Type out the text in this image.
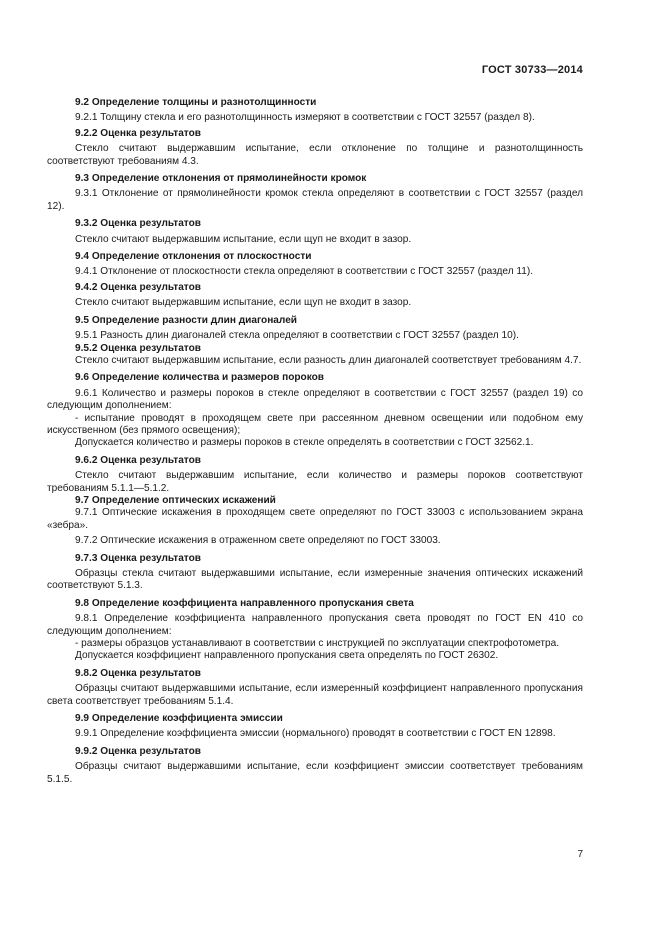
ГОСТ 30733—2014
9.2 Определение толщины и разнотолщинности
9.2.1 Толщину стекла и его разнотолщинность измеряют в соответствии с ГОСТ 32557 (раздел 8).
9.2.2 Оценка результатов
Стекло считают выдержавшим испытание, если отклонение по толщине и разнотолщинность соответствуют требованиям 4.3.
9.3 Определение отклонения от прямолинейности кромок
9.3.1 Отклонение от прямолинейности кромок стекла определяют в соответствии с ГОСТ 32557 (раздел 12).
9.3.2 Оценка результатов
Стекло считают выдержавшим испытание, если щуп не входит в зазор.
9.4 Определение отклонения от плоскостности
9.4.1 Отклонение от плоскостности стекла определяют в соответствии с ГОСТ 32557 (раздел 11).
9.4.2 Оценка результатов
Стекло считают выдержавшим испытание, если щуп не входит в зазор.
9.5 Определение разности длин диагоналей
9.5.1 Разность длин диагоналей стекла определяют в соответствии с ГОСТ 32557 (раздел 10).
9.5.2 Оценка результатов
Стекло считают выдержавшим испытание, если разность длин диагоналей соответствует требованиям 4.7.
9.6 Определение количества и размеров пороков
9.6.1 Количество и размеры пороков в стекле определяют в соответствии с ГОСТ 32557 (раздел 19) со следующим дополнением:
- испытание проводят в проходящем свете при рассеянном дневном освещении или подобном ему искусственном (без прямого освещения);
Допускается количество и размеры пороков в стекле определять в соответствии с ГОСТ 32562.1.
9.6.2 Оценка результатов
Стекло считают выдержавшим испытание, если количество и размеры пороков соответствуют требованиям 5.1.1—5.1.2.
9.7 Определение оптических искажений
9.7.1 Оптические искажения в проходящем свете определяют по ГОСТ 33003 с использованием экрана «зебра».
9.7.2 Оптические искажения в отраженном свете определяют по ГОСТ 33003.
9.7.3 Оценка результатов
Образцы стекла считают выдержавшими испытание, если измеренные значения оптических искажений соответствуют 5.1.3.
9.8 Определение коэффициента направленного пропускания света
9.8.1 Определение коэффициента направленного пропускания света проводят по ГОСТ EN 410 со следующим дополнением:
- размеры образцов устанавливают в соответствии с инструкцией по эксплуатации спектрофотометра.
Допускается коэффициент направленного пропускания света определять по ГОСТ 26302.
9.8.2 Оценка результатов
Образцы считают выдержавшими испытание, если измеренный коэффициент направленного пропускания света соответствует требованиям 5.1.4.
9.9 Определение коэффициента эмиссии
9.9.1 Определение коэффициента эмиссии (нормального) проводят в соответствии с ГОСТ EN 12898.
9.9.2 Оценка результатов
Образцы считают выдержавшими испытание, если коэффициент эмиссии соответствует требованиям 5.1.5.
7
